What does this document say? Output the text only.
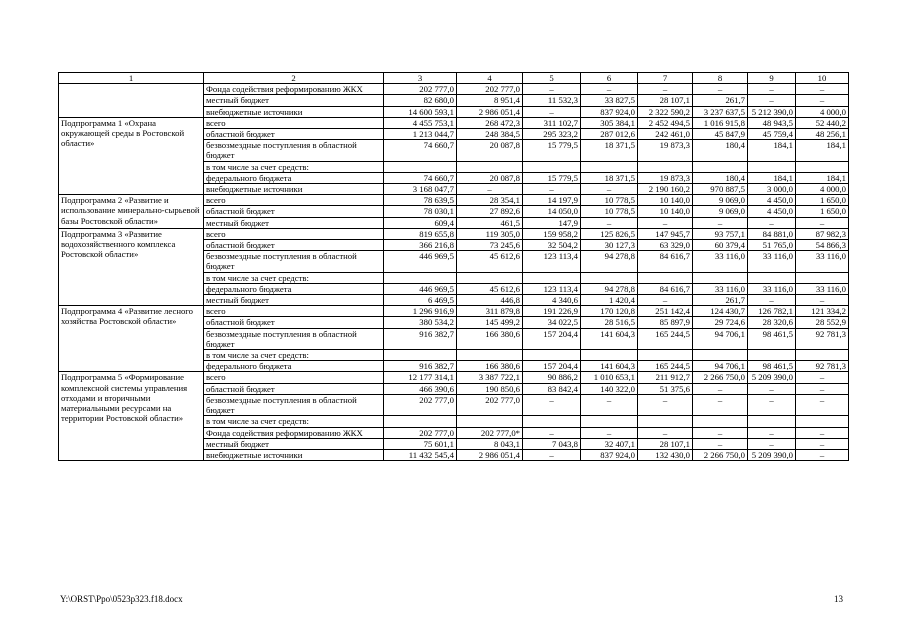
1	2	3	4	5	6	7	8	9	10
	Фонда содействия реформированию ЖКХ	202 777,0	202 777,0	–	–	–	–	–	–
	местный бюджет	82 680,0	8 951,4	11 532,3	33 827,5	28 107,1	261,7	–	–
	внебюджетные источники	14 600 593,1	2 986 051,4	–	837 924,0	2 322 590,2	3 237 637,5	5 212 390,0	4 000,0
Подпрограмма 1 «Охрана окружающей среды в Ростовской области»	всего	4 455 753,1	268 472,3	311 102,7	305 384,1	2 452 494,5	1 016 915,8	48 943,5	52 440,2
	областной бюджет	1 213 044,7	248 384,5	295 323,2	287 012,6	242 461,0	45 847,9	45 759,4	48 256,1
	безвозмездные поступления в областной бюджет	74 660,7	20 087,8	15 779,5	18 371,5	19 873,3	180,4	184,1	184,1
	в том числе за счет средств:								
	федерального бюджета	74 660,7	20 087,8	15 779,5	18 371,5	19 873,3	180,4	184,1	184,1
	внебюджетные источники	3 168 047,7	–	–	–	2 190 160,2	970 887,5	3 000,0	4 000,0
Подпрограмма 2 «Развитие и использование минерально-сырьевой базы Ростовской области»	всего	78 639,5	28 354,1	14 197,9	10 778,5	10 140,0	9 069,0	4 450,0	1 650,0
	областной бюджет	78 030,1	27 892,6	14 050,0	10 778,5	10 140,0	9 069,0	4 450,0	1 650,0
	местный бюджет	609,4	461,5	147,9	–	–	–	–	–
Подпрограмма 3 «Развитие водохозяйственного комплекса Ростовской области»	всего	819 655,8	119 305,0	159 958,2	125 826,5	147 945,7	93 757,1	84 881,0	87 982,3
	областной бюджет	366 216,8	73 245,6	32 504,2	30 127,3	63 329,0	60 379,4	51 765,0	54 866,3
	безвозмездные поступления в областной бюджет	446 969,5	45 612,6	123 113,4	94 278,8	84 616,7	33 116,0	33 116,0	33 116,0
	в том числе за счет средств:								
	федерального бюджета	446 969,5	45 612,6	123 113,4	94 278,8	84 616,7	33 116,0	33 116,0	33 116,0
	местный бюджет	6 469,5	446,8	4 340,6	1 420,4	–	261,7	–	–
Подпрограмма 4 «Развитие лесного хозяйства Ростовской области»	всего	1 296 916,9	311 879,8	191 226,9	170 120,8	251 142,4	124 430,7	126 782,1	121 334,2
	областной бюджет	380 534,2	145 499,2	34 022,5	28 516,5	85 897,9	29 724,6	28 320,6	28 552,9
	безвозмездные поступления в областной бюджет	916 382,7	166 380,6	157 204,4	141 604,3	165 244,5	94 706,1	98 461,5	92 781,3
	в том числе за счет средств:								
	федерального бюджета	916 382,7	166 380,6	157 204,4	141 604,3	165 244,5	94 706,1	98 461,5	92 781,3
Подпрограмма 5 «Формирование комплексной системы управления отходами и вторичными материальными ресурсами на территории Ростовской области»	всего	12 177 314,1	3 387 722,1	90 886,2	1 010 653,1	211 912,7	2 266 750,0	5 209 390,0	–
	областной бюджет	466 390,6	190 850,6	83 842,4	140 322,0	51 375,6	–	–	–
	безвозмездные поступления в областной бюджет	202 777,0	202 777,0	–	–	–	–	–	–
	в том числе за счет средств:								
	Фонда содействия реформированию ЖКХ	202 777,0	202 777,0*	–	–	–	–	–	–
	местный бюджет	75 601,1	8 043,1	7 043,8	32 407,1	28 107,1	–	–	–
	внебюджетные источники	11 432 545,4	2 986 051,4	–	837 924,0	132 430,0	2 266 750,0	5 209 390,0	–
Y:\ORST\Ppo\0523p323.f18.docx	13
